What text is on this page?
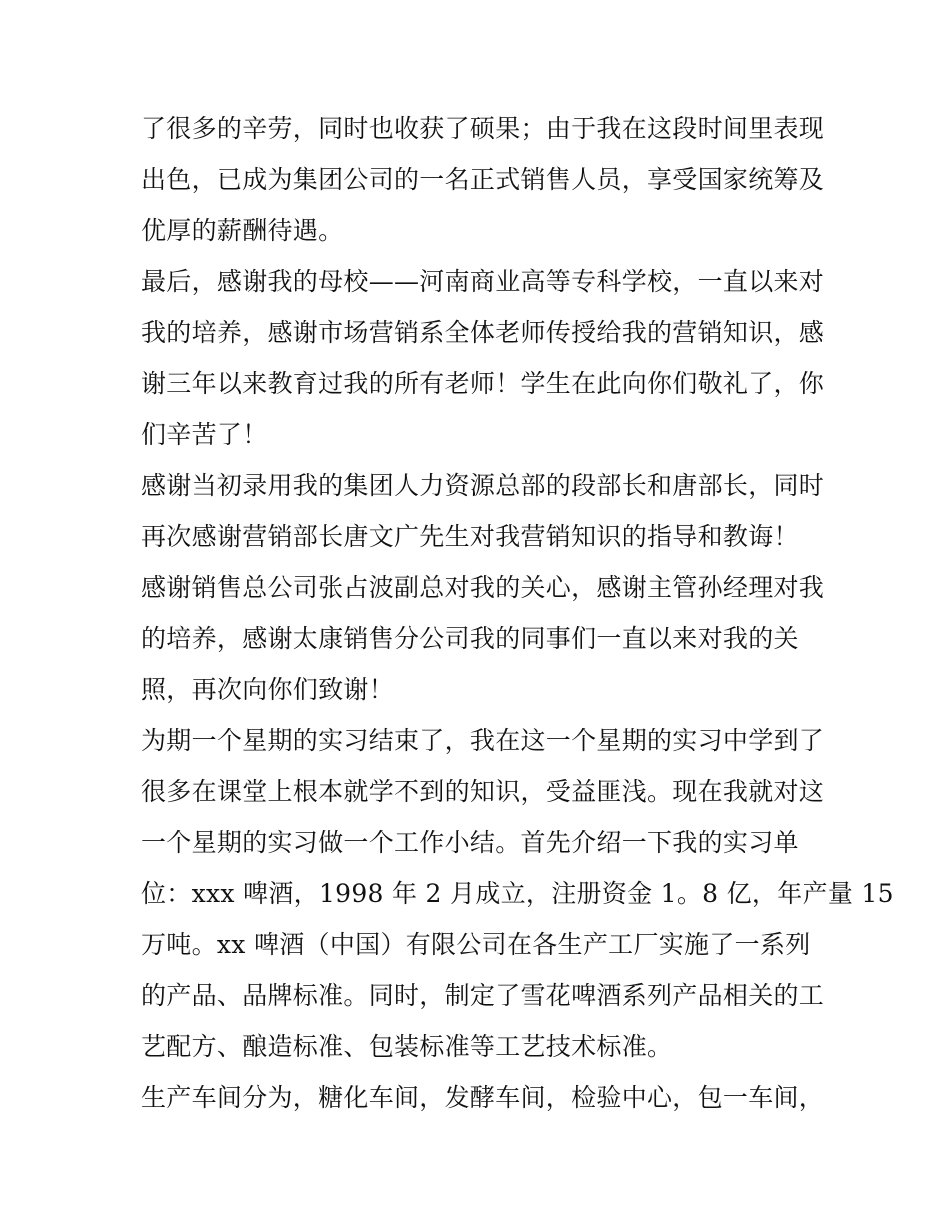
了很多的辛劳，同时也收获了硕果；由于我在这段时间里表现
出色，已成为集团公司的一名正式销售人员，享受国家统筹及
优厚的薪酬待遇。
最后，感谢我的母校——河南商业高等专科学校，一直以来对
我的培养，感谢市场营销系全体老师传授给我的营销知识，感
谢三年以来教育过我的所有老师！学生在此向你们敬礼了，你
们辛苦了！
感谢当初录用我的集团人力资源总部的段部长和唐部长，同时
再次感谢营销部长唐文广先生对我营销知识的指导和教诲！
感谢销售总公司张占波副总对我的关心，感谢主管孙经理对我
的培养，感谢太康销售分公司我的同事们一直以来对我的关
照，再次向你们致谢！
为期一个星期的实习结束了，我在这一个星期的实习中学到了
很多在课堂上根本就学不到的知识，受益匪浅。现在我就对这
一个星期的实习做一个工作小结。首先介绍一下我的实习单
位：xxx 啤酒，1998 年 2 月成立，注册资金 1。8 亿，年产量 15
万吨。xx 啤酒（中国）有限公司在各生产工厂实施了一系列
的产品、品牌标准。同时，制定了雪花啤酒系列产品相关的工
艺配方、酿造标准、包装标准等工艺技术标准。
生产车间分为，糖化车间，发酵车间，检验中心，包一车间，
